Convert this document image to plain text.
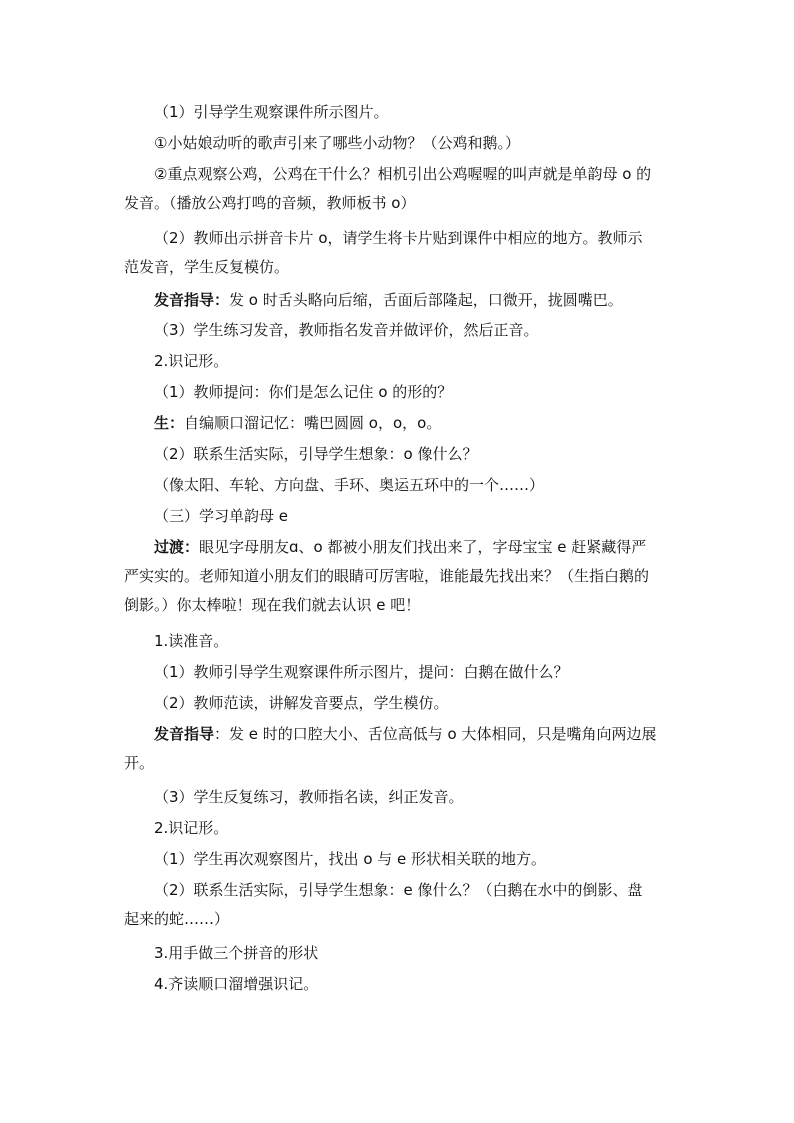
（1）引导学生观察课件所示图片。

①小姑娘动听的歌声引来了哪些小动物？（公鸡和鹅。）

②重点观察公鸡，公鸡在干什么？相机引出公鸡喔喔的叫声就是单韵母 o 的
发音。（播放公鸡打鸣的音频，教师板书 o）

（2）教师出示拼音卡片 o，请学生将卡片贴到课件中相应的地方。教师示
范发音，学生反复模仿。

发音指导：发 o 时舌头略向后缩，舌面后部隆起，口微开，拢圆嘴巴。

（3）学生练习发音，教师指名发音并做评价，然后正音。

2.识记形。

（1）教师提问：你们是怎么记住 o 的形的？

生：自编顺口溜记忆：嘴巴圆圆 o，o，o。

（2）联系生活实际，引导学生想象：o 像什么？

（像太阳、车轮、方向盘、手环、奥运五环中的一个……）

（三）学习单韵母 e

过渡：眼见字母朋友ɑ、o 都被小朋友们找出来了，字母宝宝 e 赶紧藏得严
严实实的。老师知道小朋友们的眼睛可厉害啦，谁能最先找出来？（生指白鹅的
倒影。）你太棒啦！现在我们就去认识 e 吧！

1.读准音。

（1）教师引导学生观察课件所示图片，提问：白鹅在做什么？

（2）教师范读，讲解发音要点，学生模仿。

发音指导：发 e 时的口腔大小、舌位高低与 o 大体相同，只是嘴角向两边展
开。

（3）学生反复练习，教师指名读，纠正发音。

2.识记形。

（1）学生再次观察图片，找出 o 与 e 形状相关联的地方。

（2）联系生活实际，引导学生想象：e 像什么？（白鹅在水中的倒影、盘
起来的蛇……）

3.用手做三个拼音的形状

4.齐读顺口溜增强识记。
